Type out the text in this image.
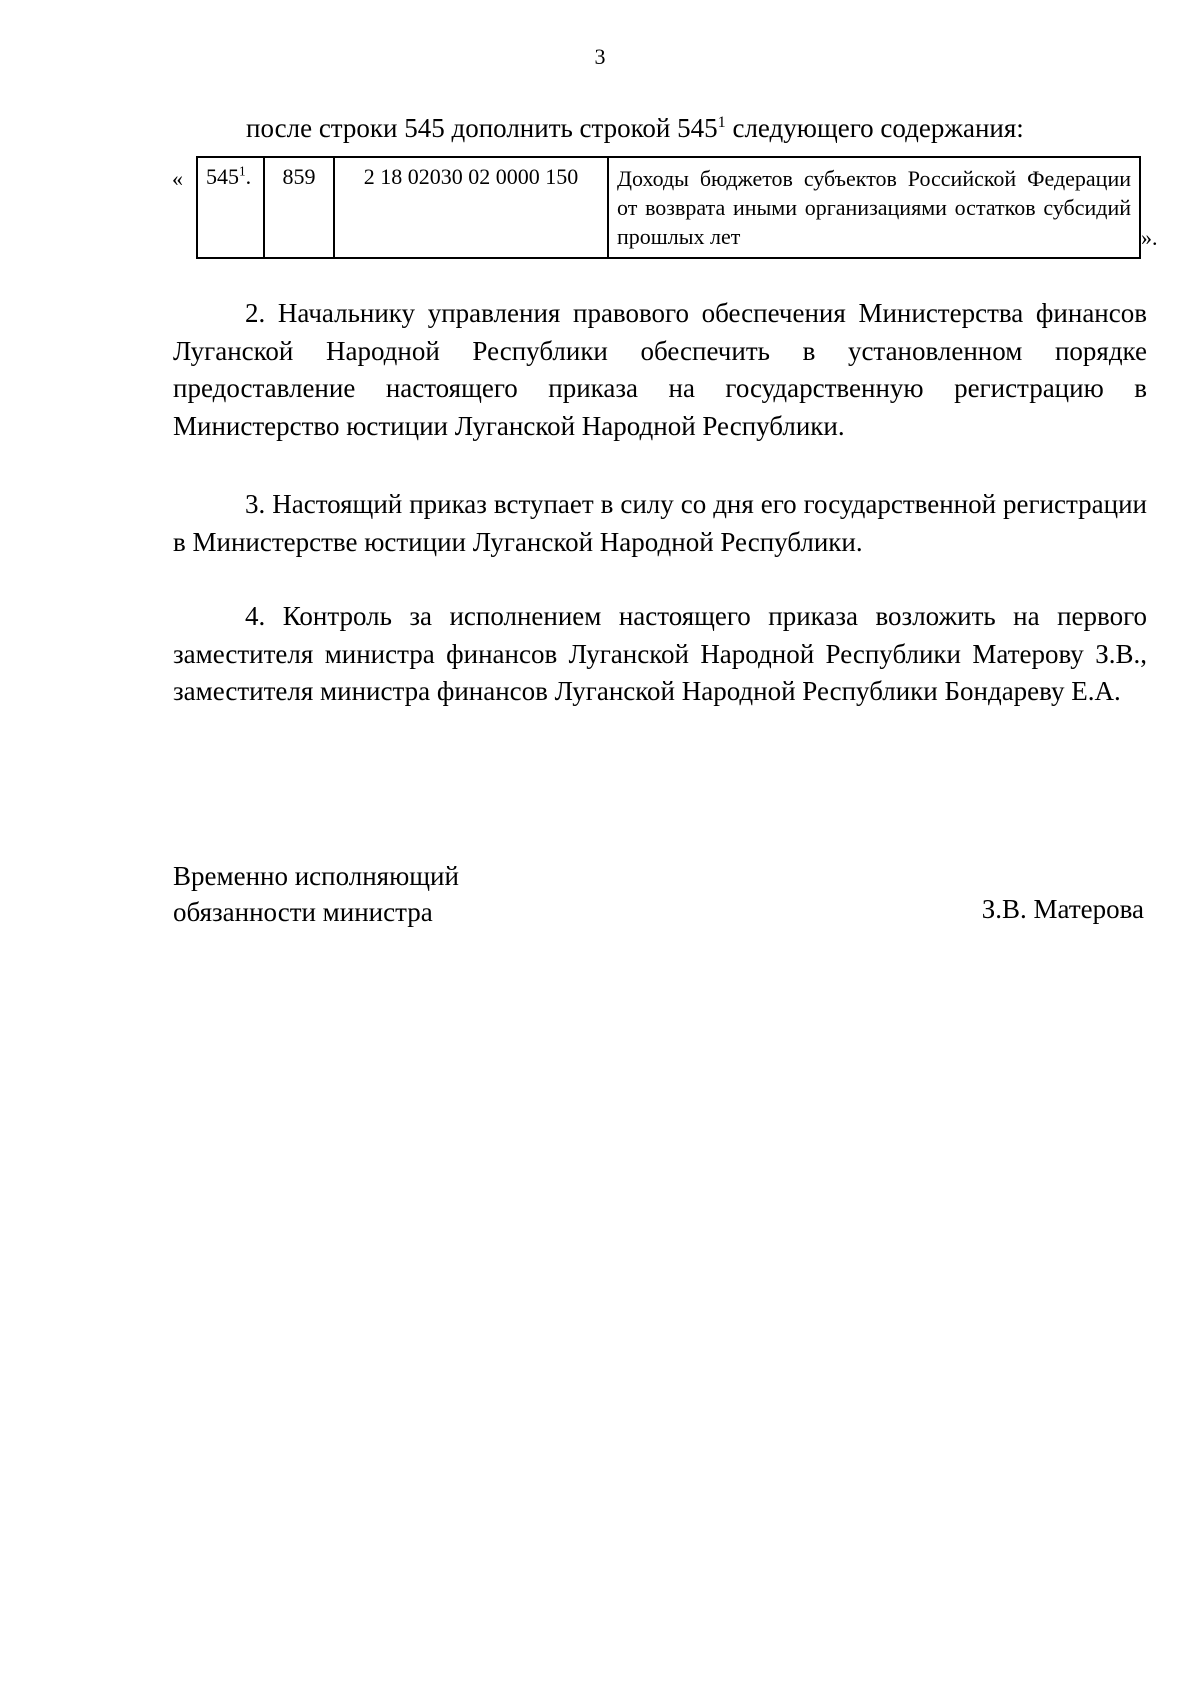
3
после строки 545 дополнить строкой $545^1$ следующего содержания:
« $545^1$.	859	2 18 02030 02 0000 150	Доходы бюджетов субъектов Российской Федерации от возврата иными организациями остатков субсидий прошлых лет	».

2. Начальнику управления правового обеспечения Министерства финансов Луганской Народной Республики обеспечить в установленном порядке предоставление настоящего приказа на государственную регистрацию в Министерство юстиции Луганской Народной Республики.

3. Настоящий приказ вступает в силу со дня его государственной регистрации в Министерстве юстиции Луганской Народной Республики.

4. Контроль за исполнением настоящего приказа возложить на первого заместителя министра финансов Луганской Народной Республики Матерову З.В., заместителя министра финансов Луганской Народной Республики Бондареву Е.А.

Временно исполняющий
обязанности министра	З.В. Матерова
